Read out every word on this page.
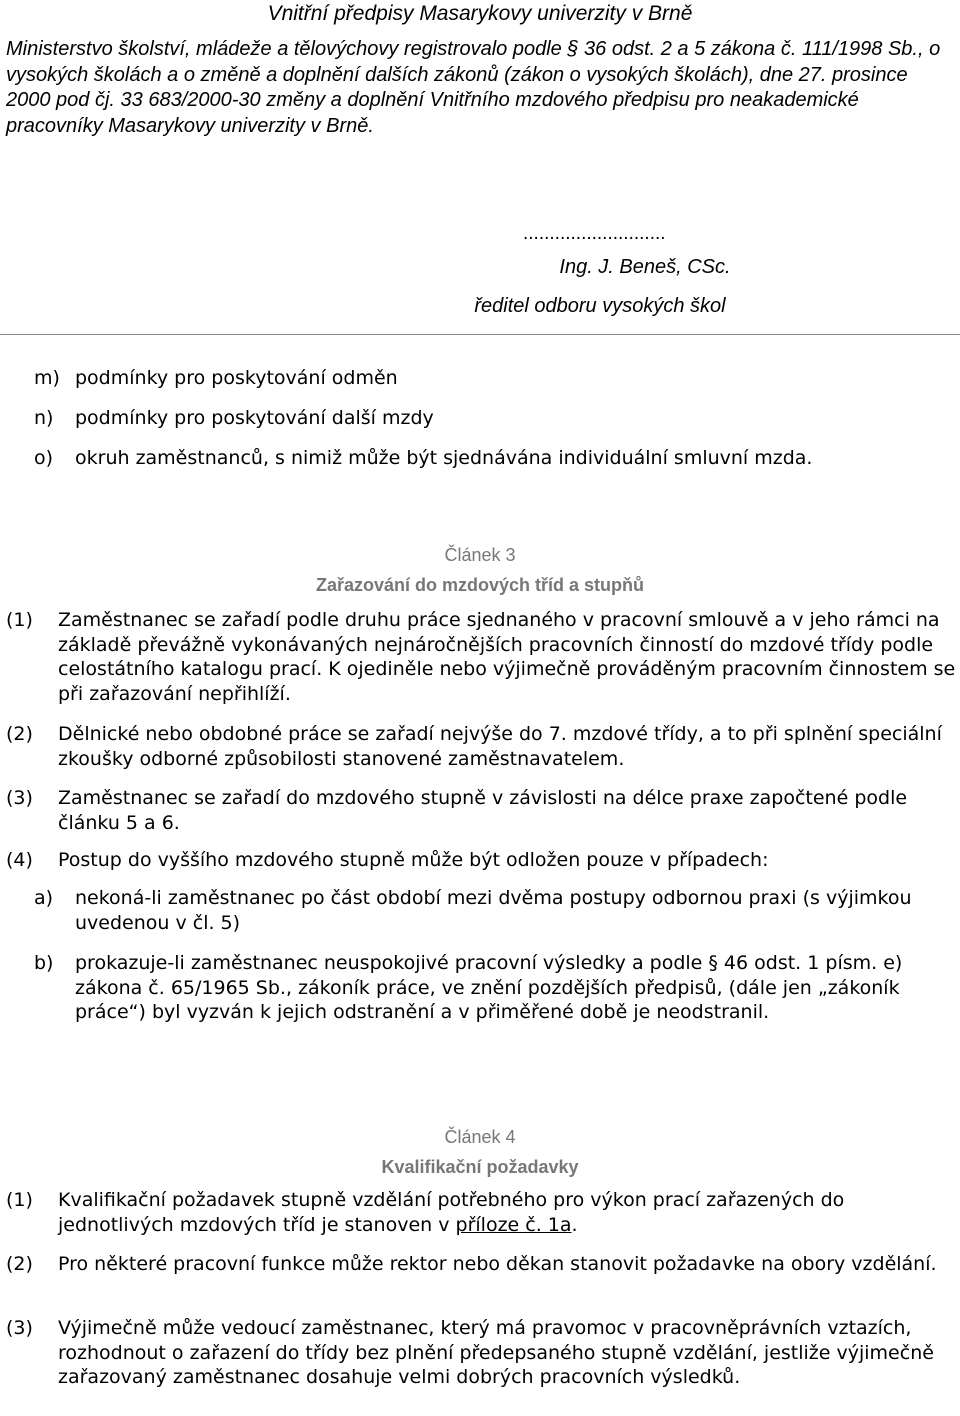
Vnitřní předpisy Masarykovy univerzity v Brně
Ministerstvo školství, mládeže a tělovýchovy registrovalo podle § 36 odst. 2 a 5 zákona č. 111/1998 Sb., o vysokých školách a o změně a doplnění dalších zákonů (zákon o vysokých školách), dne 27. prosince 2000 pod čj. 33 683/2000-30 změny a doplnění Vnitřního mzdového předpisu pro neakademické pracovníky Masarykovy univerzity v Brně.
...........................
Ing. J. Beneš, CSc.
ředitel odboru vysokých škol
m) podmínky pro poskytování odměn
n)	podmínky pro poskytování další mzdy
o)	okruh zaměstnanců, s nimiž může být sjednávána individuální smluvní mzda.
Článek 3
Zařazování do mzdových tříd a stupňů
(1)	Zaměstnanec se zařadí podle druhu práce sjednaného v pracovní smlouvě a v jeho rámci na základě převážně vykonávaných nejnáročnějších pracovních činností do mzdové třídy podle celostátního katalogu prací. K ojediněle nebo výjimečně prováděným pracovním činnostem se při zařazování nepřihlíží.
(2)	Dělnické nebo obdobné práce se zařadí nejvýše do 7. mzdové třídy, a to při splnění speciální zkoušky odborné způsobilosti stanovené zaměstnavatelem.
(3)	Zaměstnanec se zařadí do mzdového stupně v závislosti na délce praxe započtené podle článku 5 a 6.
(4)	Postup do vyššího mzdového stupně může být odložen pouze v případech:
a)	nekoná-li zaměstnanec po část období mezi dvěma postupy odbornou praxi (s výjimkou uvedenou v čl. 5)
b)	prokazuje-li zaměstnanec neuspokojivé pracovní výsledky a podle § 46 odst. 1 písm. e) zákona č. 65/1965 Sb., zákoník práce, ve znění pozdějších předpisů, (dále jen „zákoník práce“) byl vyzván k jejich odstranění a v přiměřené době je neodstranil.
Článek 4
Kvalifikační požadavky
(1)	Kvalifikační požadavek stupně vzdělání potřebného pro výkon prací zařazených do jednotlivých mzdových tříd je stanoven v příloze č. 1a.
(2)	Pro některé pracovní funkce může rektor nebo děkan stanovit požadavke na obory vzdělání.
(3)	Výjimečně může vedoucí zaměstnanec, který má pravomoc v pracovněprávních vztazích, rozhodnout o zařazení do třídy bez plnění předepsaného stupně vzdělání, jestliže výjimečně zařazovaný zaměstnanec dosahuje velmi dobrých pracovních výsledků.
